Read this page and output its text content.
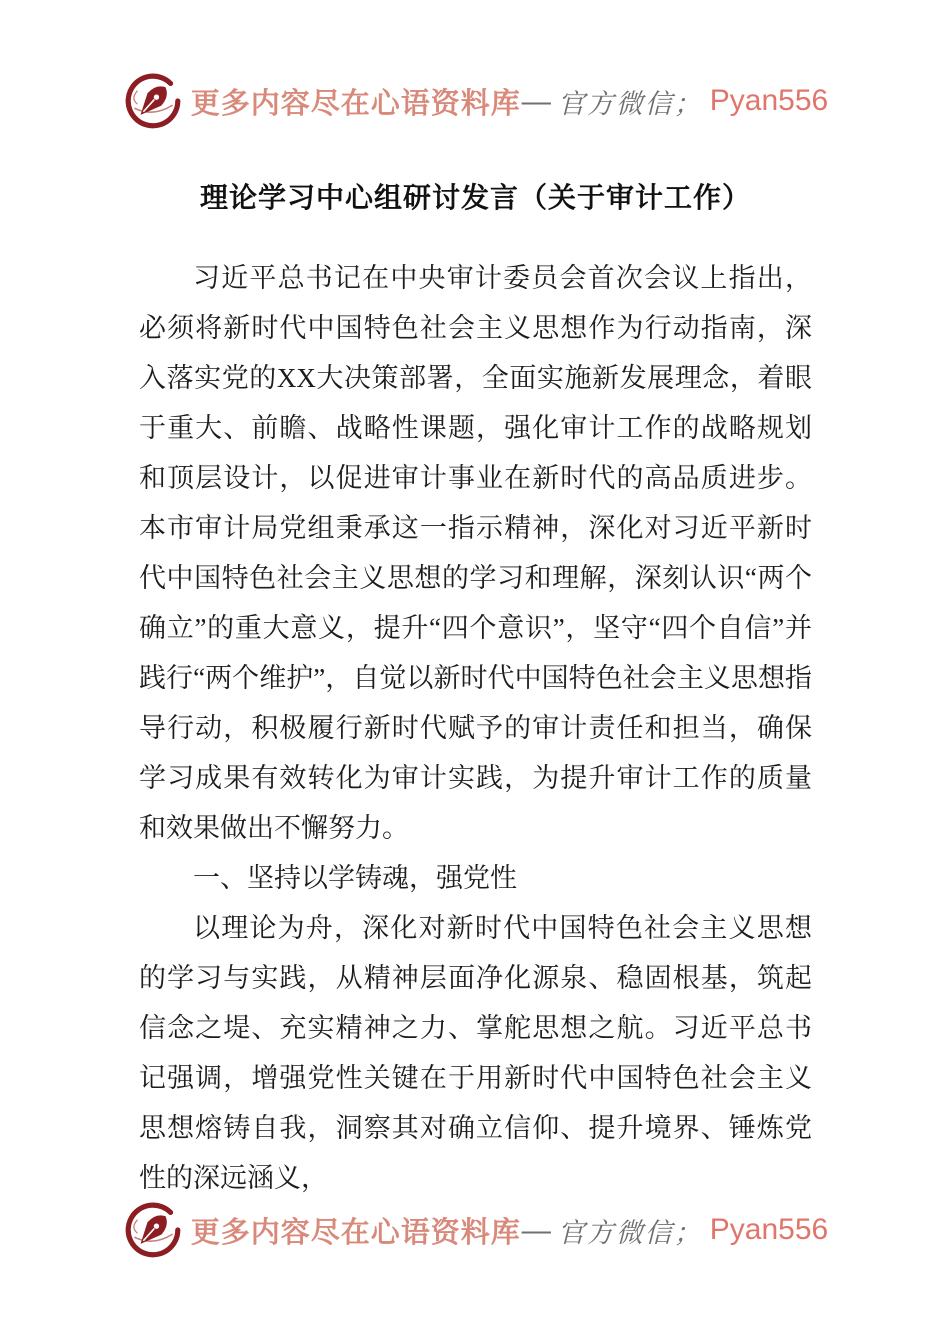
更多内容尽在心语资料库 — 官方微信； Pyan556
理论学习中心组研讨发言（关于审计工作）

习近平总书记在中央审计委员会首次会议上指出，必须将新时代中国特色社会主义思想作为行动指南，深入落实党的XX大决策部署，全面实施新发展理念，着眼于重大、前瞻、战略性课题，强化审计工作的战略规划和顶层设计，以促进审计事业在新时代的高品质进步。本市审计局党组秉承这一指示精神，深化对习近平新时代中国特色社会主义思想的学习和理解，深刻认识“两个确立”的重大意义，提升“四个意识”，坚守“四个自信”并践行“两个维护”，自觉以新时代中国特色社会主义思想指导行动，积极履行新时代赋予的审计责任和担当，确保学习成果有效转化为审计实践，为提升审计工作的质量和效果做出不懈努力。

一、坚持以学铸魂，强党性

以理论为舟，深化对新时代中国特色社会主义思想的学习与实践，从精神层面净化源泉、稳固根基，筑起信念之堤、充实精神之力、掌舵思想之航。习近平总书记强调，增强党性关键在于用新时代中国特色社会主义思想熔铸自我，洞察其对确立信仰、提升境界、锤炼党性的深远涵义，

更多内容尽在心语资料库 — 官方微信； Pyan556
